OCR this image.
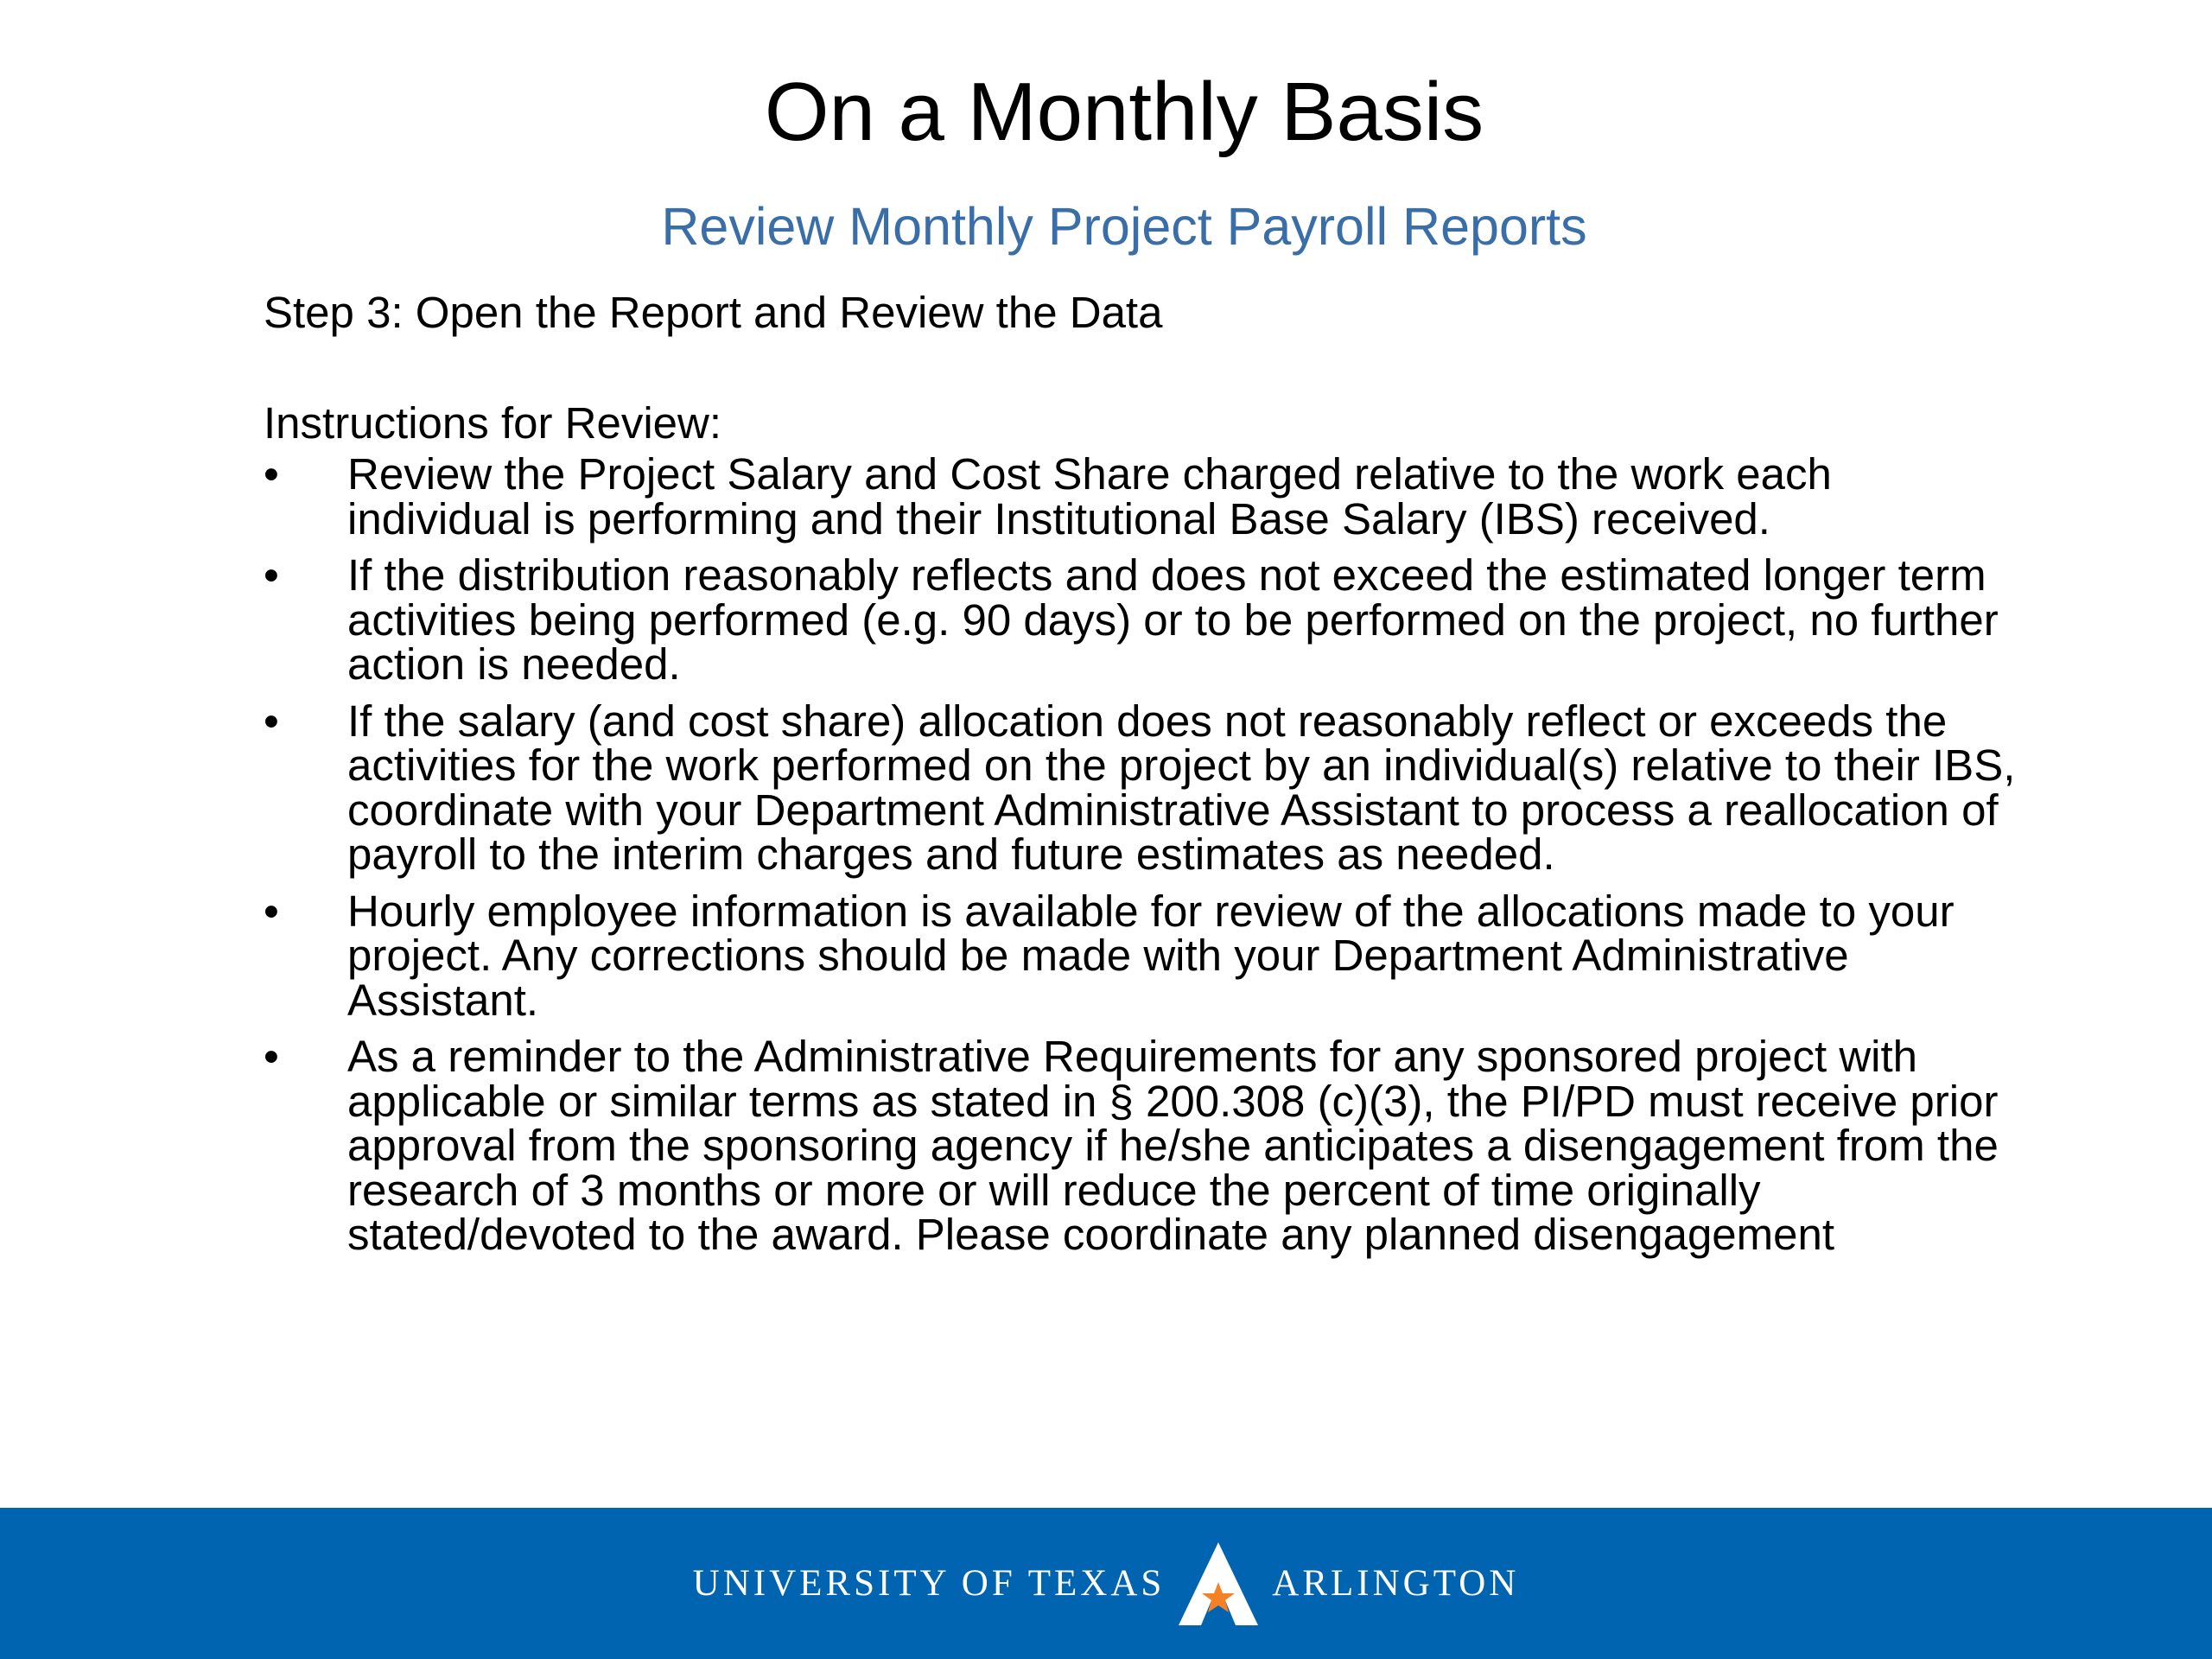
On a Monthly Basis
Review Monthly Project Payroll Reports

Step 3: Open the Report and Review the Data

Instructions for Review:

•	Review the Project Salary and Cost Share charged relative to the work each individual is performing and their Institutional Base Salary (IBS) received.
•	If the distribution reasonably reflects and does not exceed the estimated longer term activities being performed (e.g. 90 days) or to be performed on the project, no further action is needed.
•	If the salary (and cost share) allocation does not reasonably reflect or exceeds the activities for the work performed on the project by an individual(s) relative to their IBS, coordinate with your Department Administrative Assistant to process a reallocation of payroll to the interim charges and future estimates as needed.
•	Hourly employee information is available for review of the allocations made to your project. Any corrections should be made with your Department Administrative Assistant.
•	As a reminder to the Administrative Requirements for any sponsored project with applicable or similar terms as stated in § 200.308 (c)(3), the PI/PD must receive prior approval from the sponsoring agency if he/she anticipates a disengagement from the research of 3 months or more or will reduce the percent of time originally stated/devoted to the award. Please coordinate any planned disengagement
UNIVERSITY OF TEXAS	ARLINGTON
